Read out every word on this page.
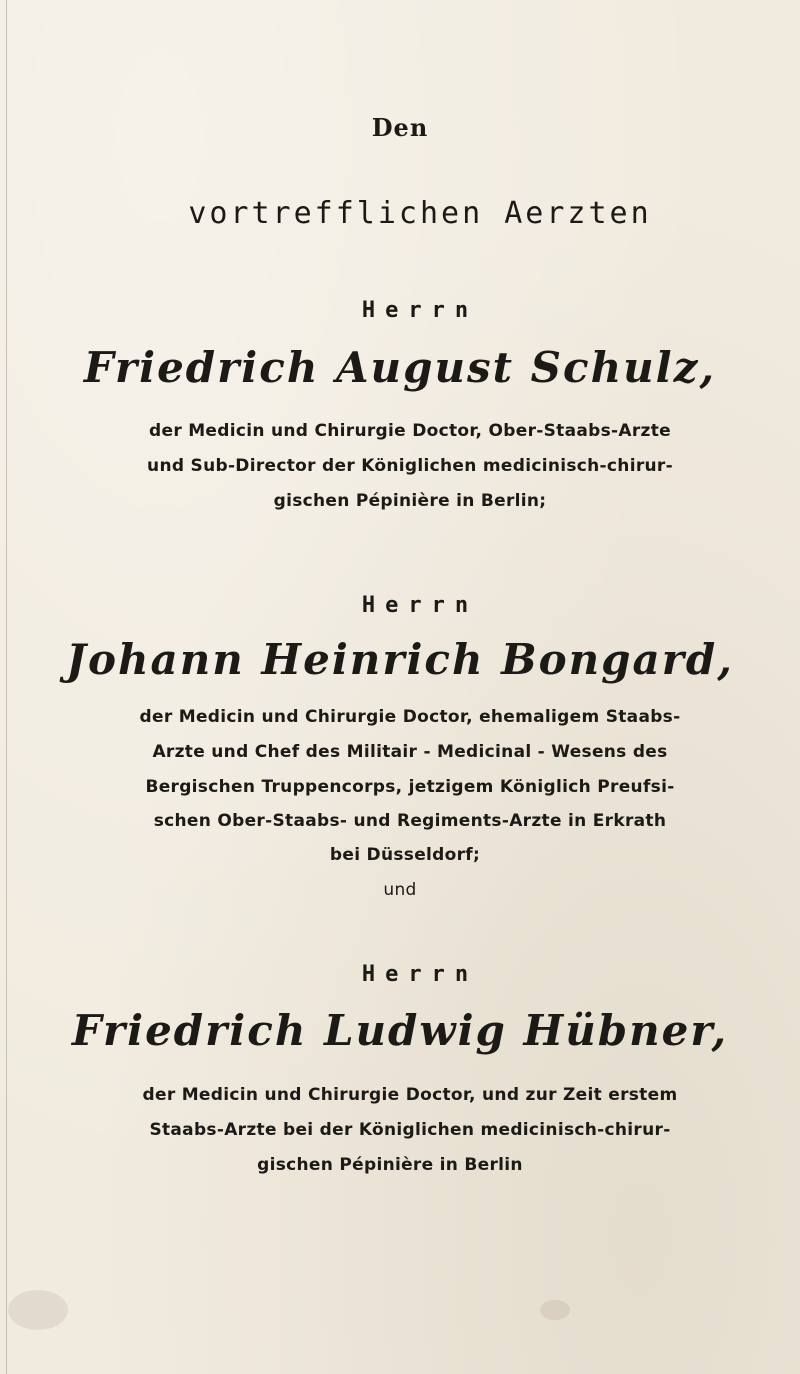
Den
vortrefflichen Aerzten
Herrn
Friedrich August Schulz,
der Medicin und Chirurgie Doctor, Ober-Staabs-Arzte
und Sub-Director der Königlichen medicinisch-chirur-
gischen Pépinière in Berlin;
Herrn
Johann Heinrich Bongard,
der Medicin und Chirurgie Doctor, ehemaligem Staabs-
Arzte und Chef des Militair - Medicinal - Wesens des
Bergischen Truppencorps, jetzigem Königlich Preufsi-
schen Ober-Staabs- und Regiments-Arzte in Erkrath
bei Düsseldorf;
und
Herrn
Friedrich Ludwig Hübner,
der Medicin und Chirurgie Doctor, und zur Zeit erstem
Staabs-Arzte bei der Königlichen medicinisch-chirur-
gischen Pépinière in Berlin
